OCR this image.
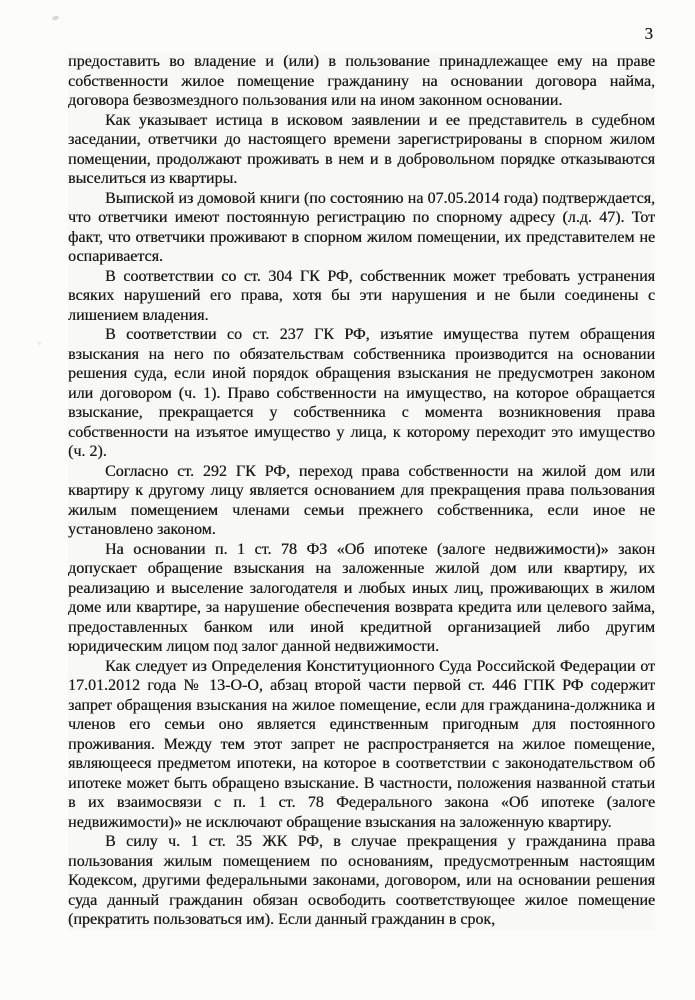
3

предоставить во владение и (или) в пользование принадлежащее ему на праве собственности жилое помещение гражданину на основании договора найма, договора безвозмездного пользования или на ином законном основании.

Как указывает истица в исковом заявлении и ее представитель в судебном заседании, ответчики до настоящего времени зарегистрированы в спорном жилом помещении, продолжают проживать в нем и в добровольном порядке отказываются выселиться из квартиры.

Выпиской из домовой книги (по состоянию на 07.05.2014 года) подтверждается, что ответчики имеют постоянную регистрацию по спорному адресу (л.д. 47). Тот факт, что ответчики проживают в спорном жилом помещении, их представителем не оспаривается.

В соответствии со ст. 304 ГК РФ, собственник может требовать устранения всяких нарушений его права, хотя бы эти нарушения и не были соединены с лишением владения.

В соответствии со ст. 237 ГК РФ, изъятие имущества путем обращения взыскания на него по обязательствам собственника производится на основании решения суда, если иной порядок обращения взыскания не предусмотрен законом или договором (ч. 1). Право собственности на имущество, на которое обращается взыскание, прекращается у собственника с момента возникновения права собственности на изъятое имущество у лица, к которому переходит это имущество (ч. 2).

Согласно ст. 292 ГК РФ, переход права собственности на жилой дом или квартиру к другому лицу является основанием для прекращения права пользования жилым помещением членами семьи прежнего собственника, если иное не установлено законом.

На основании п. 1 ст. 78 ФЗ «Об ипотеке (залоге недвижимости)» закон допускает обращение взыскания на заложенные жилой дом или квартиру, их реализацию и выселение залогодателя и любых иных лиц, проживающих в жилом доме или квартире, за нарушение обеспечения возврата кредита или целевого займа, предоставленных банком или иной кредитной организацией либо другим юридическим лицом под залог данной недвижимости.

Как следует из Определения Конституционного Суда Российской Федерации от 17.01.2012 года № 13-О-О, абзац второй части первой ст. 446 ГПК РФ содержит запрет обращения взыскания на жилое помещение, если для гражданина-должника и членов его семьи оно является единственным пригодным для постоянного проживания. Между тем этот запрет не распространяется на жилое помещение, являющееся предметом ипотеки, на которое в соответствии с законодательством об ипотеке может быть обращено взыскание. В частности, положения названной статьи в их взаимосвязи с п. 1 ст. 78 Федерального закона «Об ипотеке (залоге недвижимости)» не исключают обращение взыскания на заложенную квартиру.

В силу ч. 1 ст. 35 ЖК РФ, в случае прекращения у гражданина права пользования жилым помещением по основаниям, предусмотренным настоящим Кодексом, другими федеральными законами, договором, или на основании решения суда данный гражданин обязан освободить соответствующее жилое помещение (прекратить пользоваться им). Если данный гражданин в срок,
